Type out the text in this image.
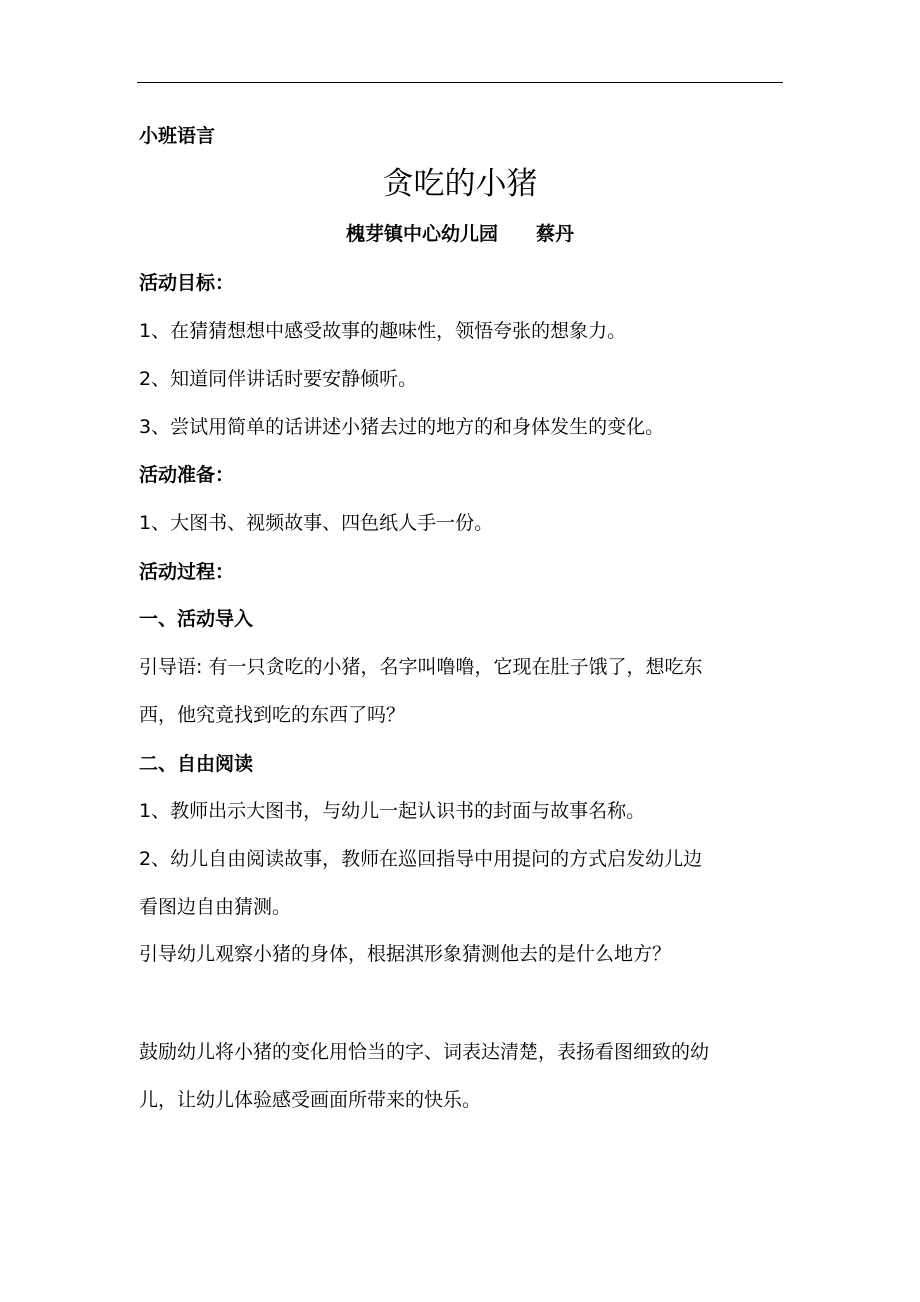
小班语言
贪吃的小猪
槐芽镇中心幼儿园 蔡丹
活动目标：
1、在猜猜想想中感受故事的趣味性，领悟夸张的想象力。
2、知道同伴讲话时要安静倾听。
3、尝试用简单的话讲述小猪去过的地方的和身体发生的变化。
活动准备：
1、大图书、视频故事、四色纸人手一份。
活动过程：
一、活动导入
引导语: 有一只贪吃的小猪，名字叫噜噜，它现在肚子饿了，想吃东
西，他究竟找到吃的东西了吗？
二、自由阅读
1、教师出示大图书，与幼儿一起认识书的封面与故事名称。
2、幼儿自由阅读故事，教师在巡回指导中用提问的方式启发幼儿边
看图边自由猜测。
引导幼儿观察小猪的身体，根据淇形象猜测他去的是什么地方？
鼓励幼儿将小猪的变化用恰当的字、词表达清楚，表扬看图细致的幼
儿，让幼儿体验感受画面所带来的快乐。
